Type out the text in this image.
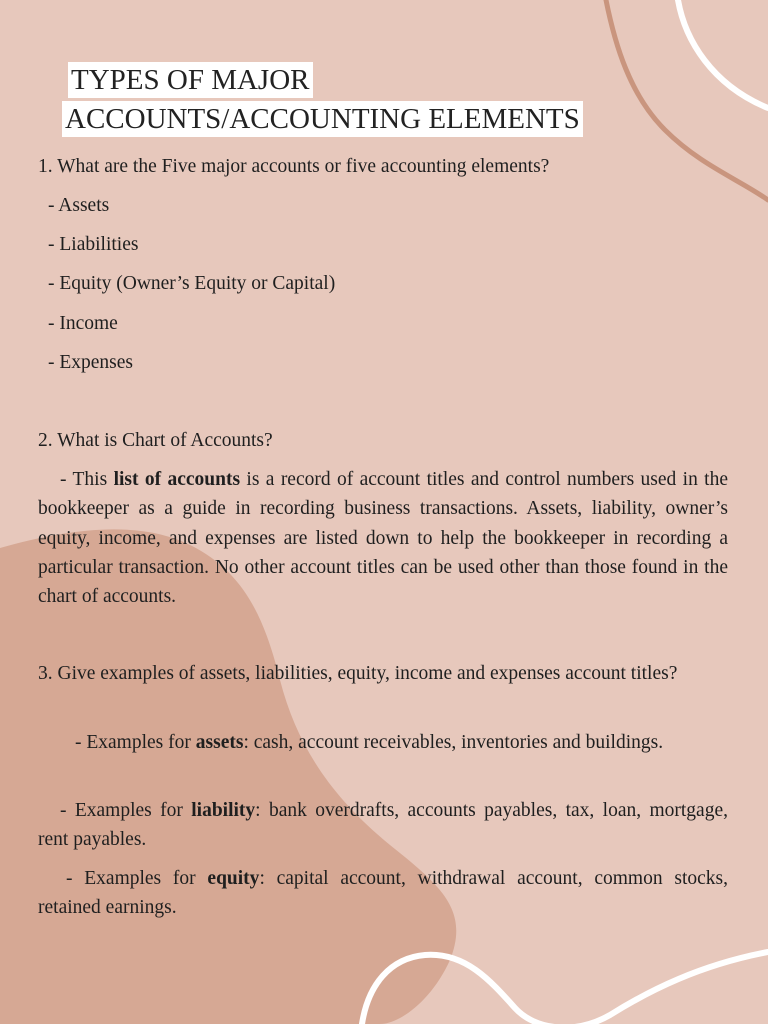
TYPES OF MAJOR
ACCOUNTS/ACCOUNTING ELEMENTS
1. What are the Five major accounts or five accounting elements?
- Assets
- Liabilities
- Equity (Owner’s Equity or Capital)
- Income
- Expenses
2. What is Chart of Accounts?
- This list of accounts is a record of account titles and control numbers used in the bookkeeper as a guide in recording business transactions. Assets, liability, owner’s equity, income, and expenses are listed down to help the bookkeeper in recording a particular transaction. No other account titles can be used other than those found in the chart of accounts.
3. Give examples of assets, liabilities, equity, income and expenses account titles?
- Examples for assets: cash, account receivables, inventories and buildings.
- Examples for liability: bank overdrafts, accounts payables, tax, loan, mortgage, rent payables.
- Examples for equity: capital account, withdrawal account, common stocks, retained earnings.
